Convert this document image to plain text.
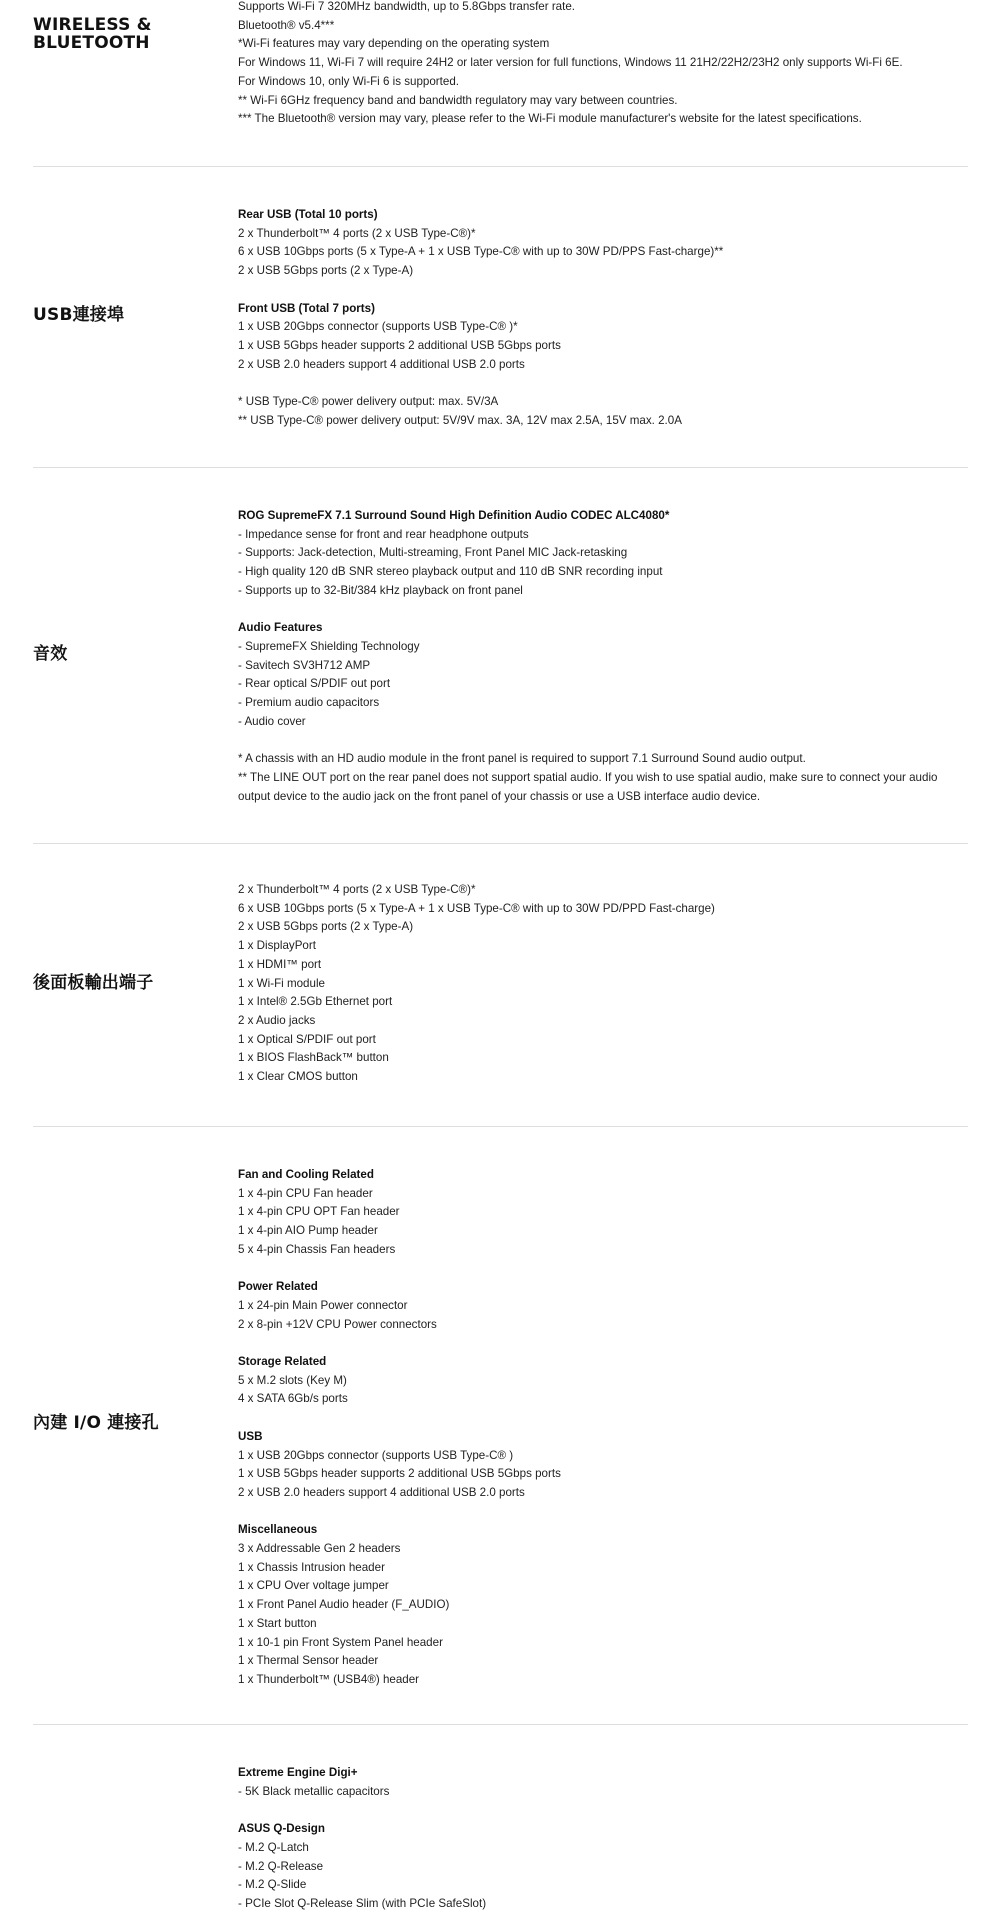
WIRELESS & BLUETOOTH
Supports Wi-Fi 7 320MHz bandwidth, up to 5.8Gbps transfer rate.
Bluetooth® v5.4***
*Wi-Fi features may vary depending on the operating system
For Windows 11, Wi-Fi 7 will require 24H2 or later version for full functions, Windows 11 21H2/22H2/23H2 only supports Wi-Fi 6E.
For Windows 10, only Wi-Fi 6 is supported.
** Wi-Fi 6GHz frequency band and bandwidth regulatory may vary between countries.
*** The Bluetooth® version may vary, please refer to the Wi-Fi module manufacturer's website for the latest specifications.
USB連接埠
Rear USB (Total 10 ports)
2 x Thunderbolt™ 4 ports (2 x USB Type-C®)*
6 x USB 10Gbps ports (5 x Type-A + 1 x USB Type-C® with up to 30W PD/PPS Fast-charge)**
2 x USB 5Gbps ports (2 x Type-A)
Front USB (Total 7 ports)
1 x USB 20Gbps connector (supports USB Type-C® )*
1 x USB 5Gbps header supports 2 additional USB 5Gbps ports
2 x USB 2.0 headers support 4 additional USB 2.0 ports
* USB Type-C® power delivery output: max. 5V/3A
** USB Type-C® power delivery output: 5V/9V max. 3A, 12V max 2.5A, 15V max. 2.0A
音效
ROG SupremeFX 7.1 Surround Sound High Definition Audio CODEC ALC4080*
- Impedance sense for front and rear headphone outputs
- Supports: Jack-detection, Multi-streaming, Front Panel MIC Jack-retasking
- High quality 120 dB SNR stereo playback output and 110 dB SNR recording input
- Supports up to 32-Bit/384 kHz playback on front panel
Audio Features
- SupremeFX Shielding Technology
- Savitech SV3H712 AMP
- Rear optical S/PDIF out port
- Premium audio capacitors
- Audio cover
* A chassis with an HD audio module in the front panel is required to support 7.1 Surround Sound audio output.
** The LINE OUT port on the rear panel does not support spatial audio. If you wish to use spatial audio, make sure to connect your audio output device to the audio jack on the front panel of your chassis or use a USB interface audio device.
後面板輸出端子
2 x Thunderbolt™ 4 ports (2 x USB Type-C®)*
6 x USB 10Gbps ports (5 x Type-A + 1 x USB Type-C® with up to 30W PD/PPD Fast-charge)
2 x USB 5Gbps ports (2 x Type-A)
1 x DisplayPort
1 x HDMI™ port
1 x Wi-Fi module
1 x Intel® 2.5Gb Ethernet port
2 x Audio jacks
1 x Optical S/PDIF out port
1 x BIOS FlashBack™ button
1 x Clear CMOS button
內建 I/O 連接孔
Fan and Cooling Related
1 x 4-pin CPU Fan header
1 x 4-pin CPU OPT Fan header
1 x 4-pin AIO Pump header
5 x 4-pin Chassis Fan headers
Power Related
1 x 24-pin Main Power connector
2 x 8-pin +12V CPU Power connectors
Storage Related
5 x M.2 slots (Key M)
4 x SATA 6Gb/s ports
USB
1 x USB 20Gbps connector (supports USB Type-C® )
1 x USB 5Gbps header supports 2 additional USB 5Gbps ports
2 x USB 2.0 headers support 4 additional USB 2.0 ports
Miscellaneous
3 x Addressable Gen 2 headers
1 x Chassis Intrusion header
1 x CPU Over voltage jumper
1 x Front Panel Audio header (F_AUDIO)
1 x Start button
1 x 10-1 pin Front System Panel header
1 x Thermal Sensor header
1 x Thunderbolt™ (USB4®) header
Extreme Engine Digi+
- 5K Black metallic capacitors
ASUS Q-Design
- M.2 Q-Latch
- M.2 Q-Release
- M.2 Q-Slide
- PCIe Slot Q-Release Slim (with PCIe SafeSlot)
